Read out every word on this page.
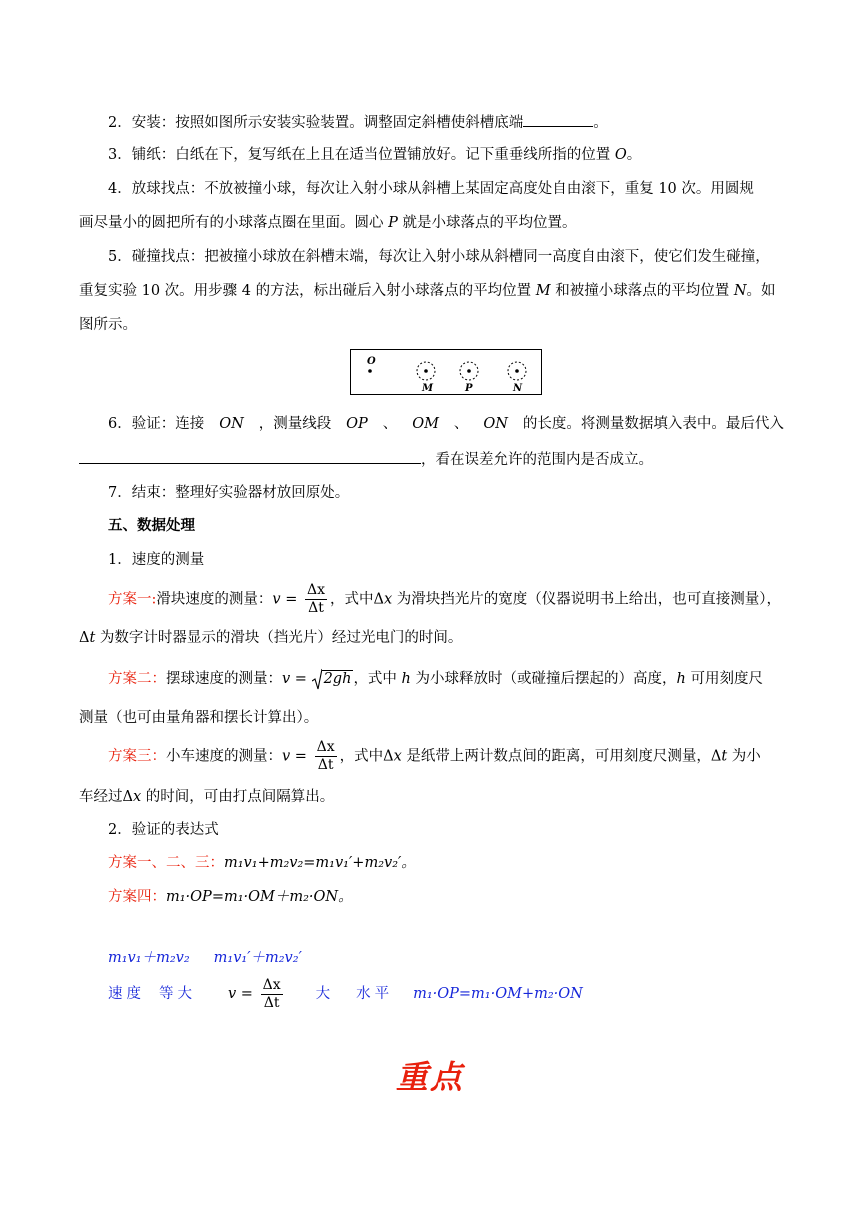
2．安装：按照如图所示安装实验装置。调整固定斜槽使斜槽底端	。
3．铺纸：白纸在下，复写纸在上且在适当位置铺放好。记下重垂线所指的位置 O。
4．放球找点：不放被撞小球，每次让入射小球从斜槽上某固定高度处自由滚下，重复 10 次。用圆规
画尽量小的圆把所有的小球落点圈在里面。圆心 P 就是小球落点的平均位置。
5．碰撞找点：把被撞小球放在斜槽末端，每次让入射小球从斜槽同一高度自由滚下，使它们发生碰撞，
重复实验 10 次。用步骤 4 的方法，标出碰后入射小球落点的平均位置 M 和被撞小球落点的平均位置 N。如
图所示。
O
M	P	N
6．验证：连接 ON ，测量线段 OP 、 OM 、 ON 的长度。将测量数据填入表中。最后代入
，看在误差允许的范围内是否成立。
7．结束：整理好实验器材放回原处。
五、数据处理
1．速度的测量
方案一:滑块速度的测量：$v = \frac{\Delta x}{\Delta t}$ ，式中Δx 为滑块挡光片的宽度（仪器说明书上给出，也可直接测量），
Δt 为数字计时器显示的滑块（挡光片）经过光电门的时间。
方案二：摆球速度的测量：v = 2gh ，式中 h 为小球释放时（或碰撞后摆起的）高度，h 可用刻度尺
测量（也可由量角器和摆长计算出）。
方案三：小车速度的测量：$v = \frac{\Delta x}{\Delta t}$ ，式中Δx 是纸带上两计数点间的距离，可用刻度尺测量，Δt 为小
车经过Δx 的时间，可由打点间隔算出。
2．验证的表达式
方案一、二、三：m₁v₁+m₂v₂=m₁v₁′+m₂v₂′。
方案四：m₁·OP=m₁·OM＋m₂·ON。
m₁v₁＋m₂v₂ m₁v₁′＋m₂v₂′
速度 等大 $v = \frac{\Delta x}{\Delta t}$ 大 水平 m₁·OP=m₁·OM+m₂·ON
重点
